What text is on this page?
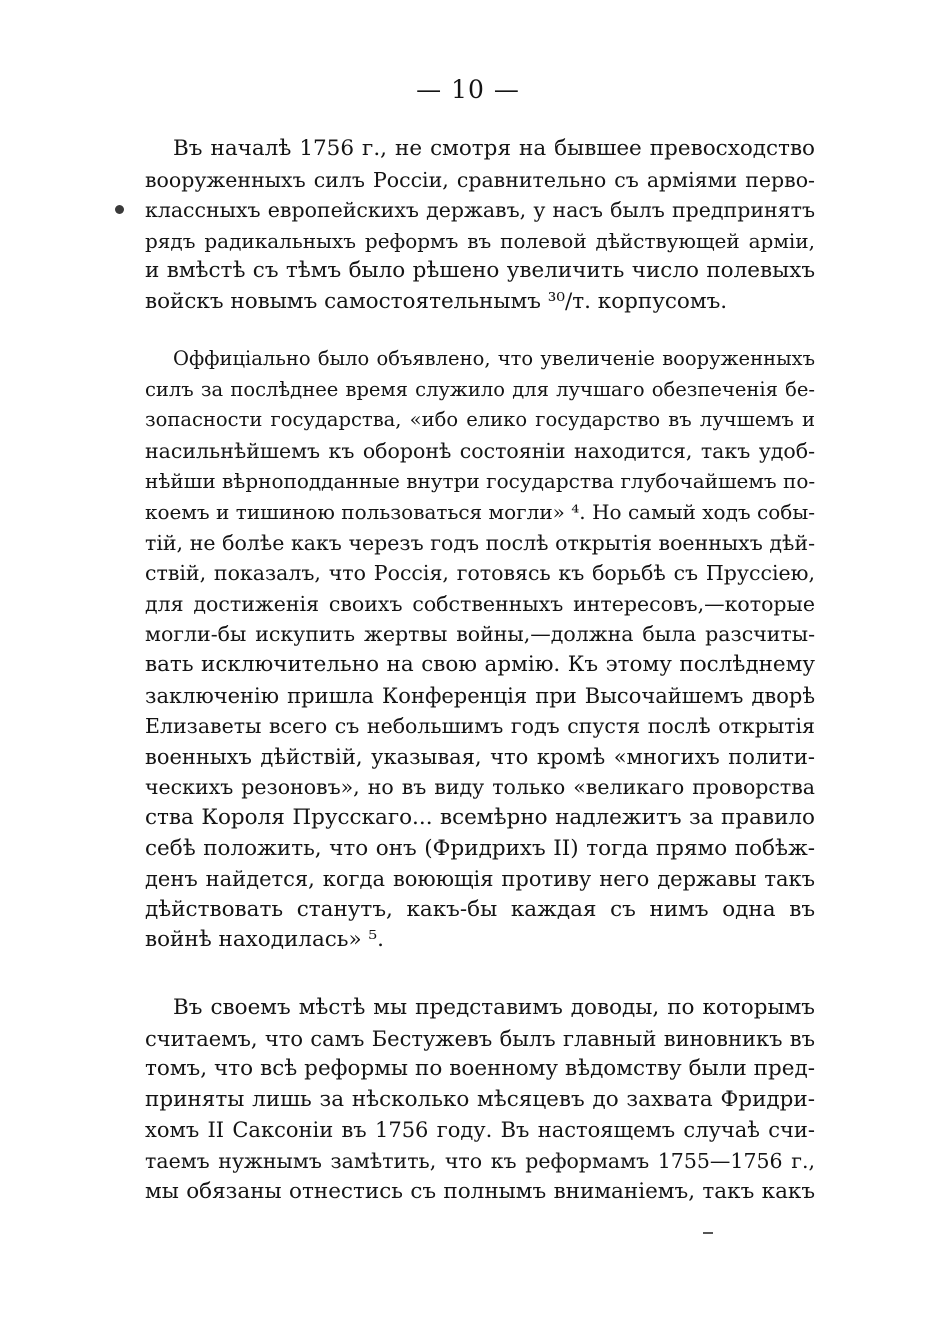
— 10 —
Въ началѣ 1756 г., не смотря на бывшее превосходство
вооруженныхъ силъ Россіи, сравнительно съ арміями перво-
классныхъ европейскихъ державъ, у насъ былъ предпринятъ
рядъ радикальныхъ реформъ въ полевой дѣйствующей арміи,
и вмѣстѣ съ тѣмъ было рѣшено увеличить число полевыхъ
войскъ новымъ самостоятельнымъ ³⁰/т. корпусомъ.
Оффиціально было объявлено, что увеличеніе вооруженныхъ
силъ за послѣднее время служило для лучшаго обезпеченія бе-
зопасности государства, «ибо елико государство въ лучшемъ и
насильнѣйшемъ къ оборонѣ состояніи находится, такъ удоб-
нѣйши вѣрноподданные внутри государства глубочайшемъ по-
коемъ и тишиною пользоваться могли» ⁴. Но самый ходъ собы-
тій, не болѣе какъ черезъ годъ послѣ открытія военныхъ дѣй-
ствій, показалъ, что Россія, готовясь къ борьбѣ съ Пруссіею,
для достиженія своихъ собственныхъ интересовъ,—которые
могли-бы искупить жертвы войны,—должна была разсчиты-
вать исключительно на свою армію. Къ этому послѣднему
заключенію пришла Конференція при Высочайшемъ дворѣ
Елизаветы всего съ небольшимъ годъ спустя послѣ открытія
военныхъ дѣйствій, указывая, что кромѣ «многихъ полити-
ческихъ резоновъ», но въ виду только «великаго проворства
ства Короля Прусскаго... всемѣрно надлежитъ за правило
себѣ положить, что онъ (Фридрихъ II) тогда прямо побѣж-
денъ найдется, когда воюющія противу него державы такъ
дѣйствовать станутъ, какъ-бы каждая съ нимъ одна въ
войнѣ находилась» ⁵.
Въ своемъ мѣстѣ мы представимъ доводы, по которымъ
считаемъ, что самъ Бестужевъ былъ главный виновникъ въ
томъ, что всѣ реформы по военному вѣдомству были пред-
приняты лишь за нѣсколько мѣсяцевъ до захвата Фридри-
хомъ II Саксоніи въ 1756 году. Въ настоящемъ случаѣ счи-
таемъ нужнымъ замѣтить, что къ реформамъ 1755—1756 г.,
мы обязаны отнестись съ полнымъ вниманіемъ, такъ какъ
